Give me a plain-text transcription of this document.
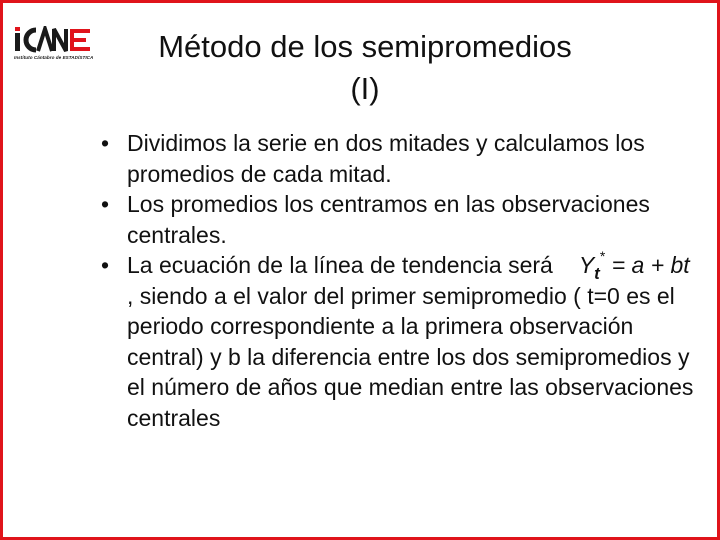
Instituto Cántabro de ESTADÍSTICA	Método de los semipromedios
(I)
• Dividimos la serie en dos mitades y calculamos los promedios de cada mitad.
• Los promedios los centramos en las observaciones centrales.
• La ecuación de la línea de tendencia será $Y_t^* = a$ + bt , siendo a el valor del primer semipromedio ( t=0 es el periodo correspondiente a la primera observación central) y b la diferencia entre los dos semipromedios y el número de años que median entre las observaciones centrales
